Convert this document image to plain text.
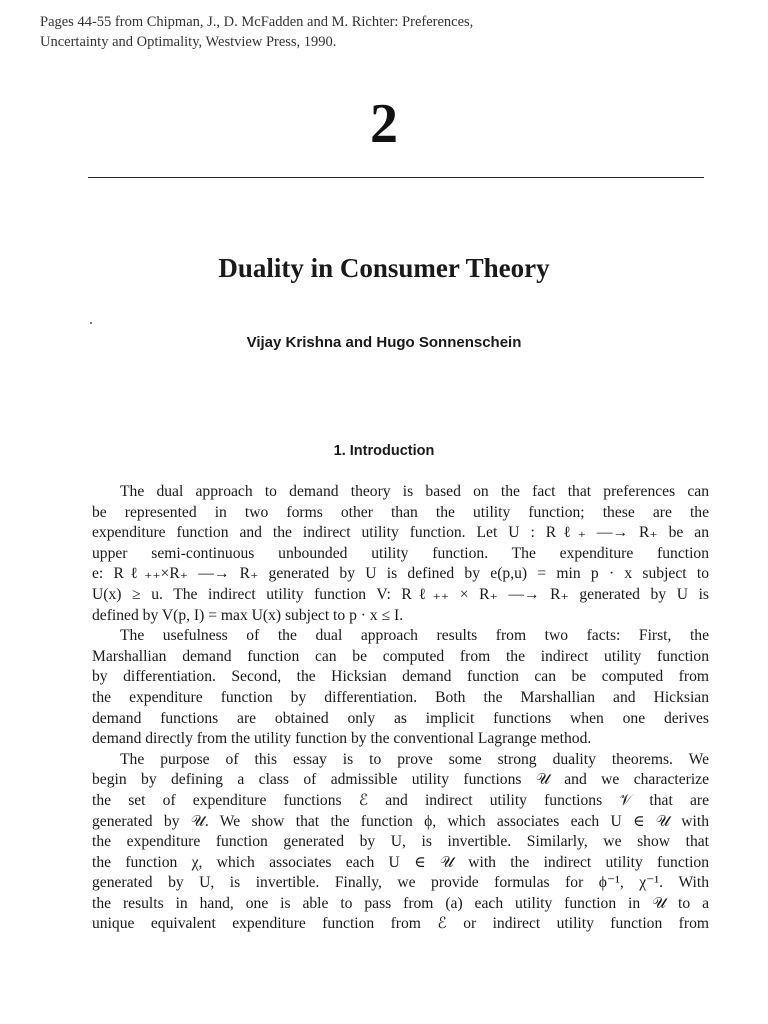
Pages 44-55 from Chipman, J., D. McFadden and M. Richter: Preferences,
Uncertainty and Optimality, Westview Press, 1990.
2
Duality in Consumer Theory
Vijay Krishna and Hugo Sonnenschein
1. Introduction
The dual approach to demand theory is based on the fact that preferences can
be represented in two forms other than the utility function; these are the
expenditure function and the indirect utility function. Let U : Rℓ₊ —→ R₊ be an
upper semi-continuous unbounded utility function. The expenditure function
e: Rℓ₊₊×R₊ —→ R₊ generated by U is defined by e(p,u) = min p · x subject to
U(x) ≥ u. The indirect utility function V: Rℓ₊₊ × R₊ —→ R₊ generated by U is
defined by V(p, I) = max U(x) subject to p · x ≤ I.
The usefulness of the dual approach results from two facts: First, the
Marshallian demand function can be computed from the indirect utility function
by differentiation. Second, the Hicksian demand function can be computed from
the expenditure function by differentiation. Both the Marshallian and Hicksian
demand functions are obtained only as implicit functions when one derives
demand directly from the utility function by the conventional Lagrange method.
The purpose of this essay is to prove some strong duality theorems. We
begin by defining a class of admissible utility functions 𝒰 and we characterize
the set of expenditure functions ℰ and indirect utility functions 𝒱 that are
generated by 𝒰. We show that the function ϕ, which associates each U ∈ 𝒰 with
the expenditure function generated by U, is invertible. Similarly, we show that
the function χ, which associates each U ∈ 𝒰 with the indirect utility function
generated by U, is invertible. Finally, we provide formulas for ϕ⁻¹, χ⁻¹. With
the results in hand, one is able to pass from (a) each utility function in 𝒰 to a
unique equivalent expenditure function from ℰ or indirect utility function from
